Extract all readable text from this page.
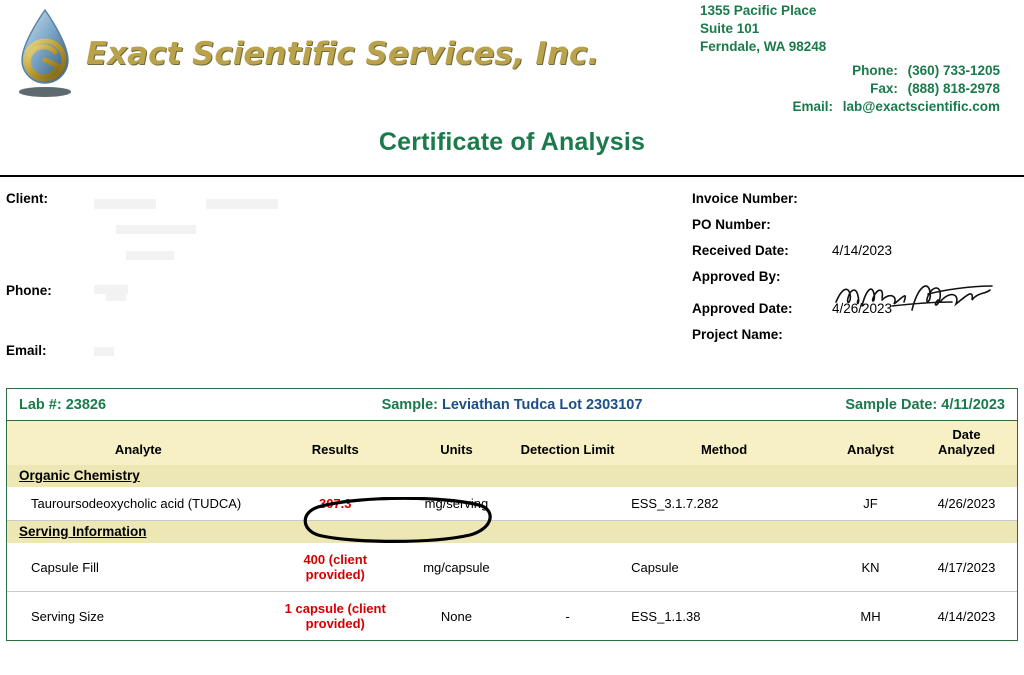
Exact Scientific Services, Inc.
1355 Pacific Place
Suite 101
Ferndale, WA 98248
Phone: (360) 733-1205
Fax: (888) 818-2978
Email: lab@exactscientific.com
Certificate of Analysis
Client:
Phone:
Email:
Invoice Number:
PO Number:
Received Date:	4/14/2023
Approved By:
Approved Date:	4/26/2023
Project Name:
Lab #: 23826	Sample: Leviathan Tudca Lot 2303107	Sample Date: 4/11/2023
Analyte	Results	Units	Detection Limit	Method	Analyst	Date Analyzed
Organic Chemistry						
Tauroursodeoxycholic acid (TUDCA)	307.3	mg/serving		ESS_3.1.7.282	JF	4/26/2023
Serving Information						
Capsule Fill	400 (client provided)	mg/capsule		Capsule	KN	4/17/2023
Serving Size	1 capsule (client provided)	None	-	ESS_1.1.38	MH	4/14/2023
